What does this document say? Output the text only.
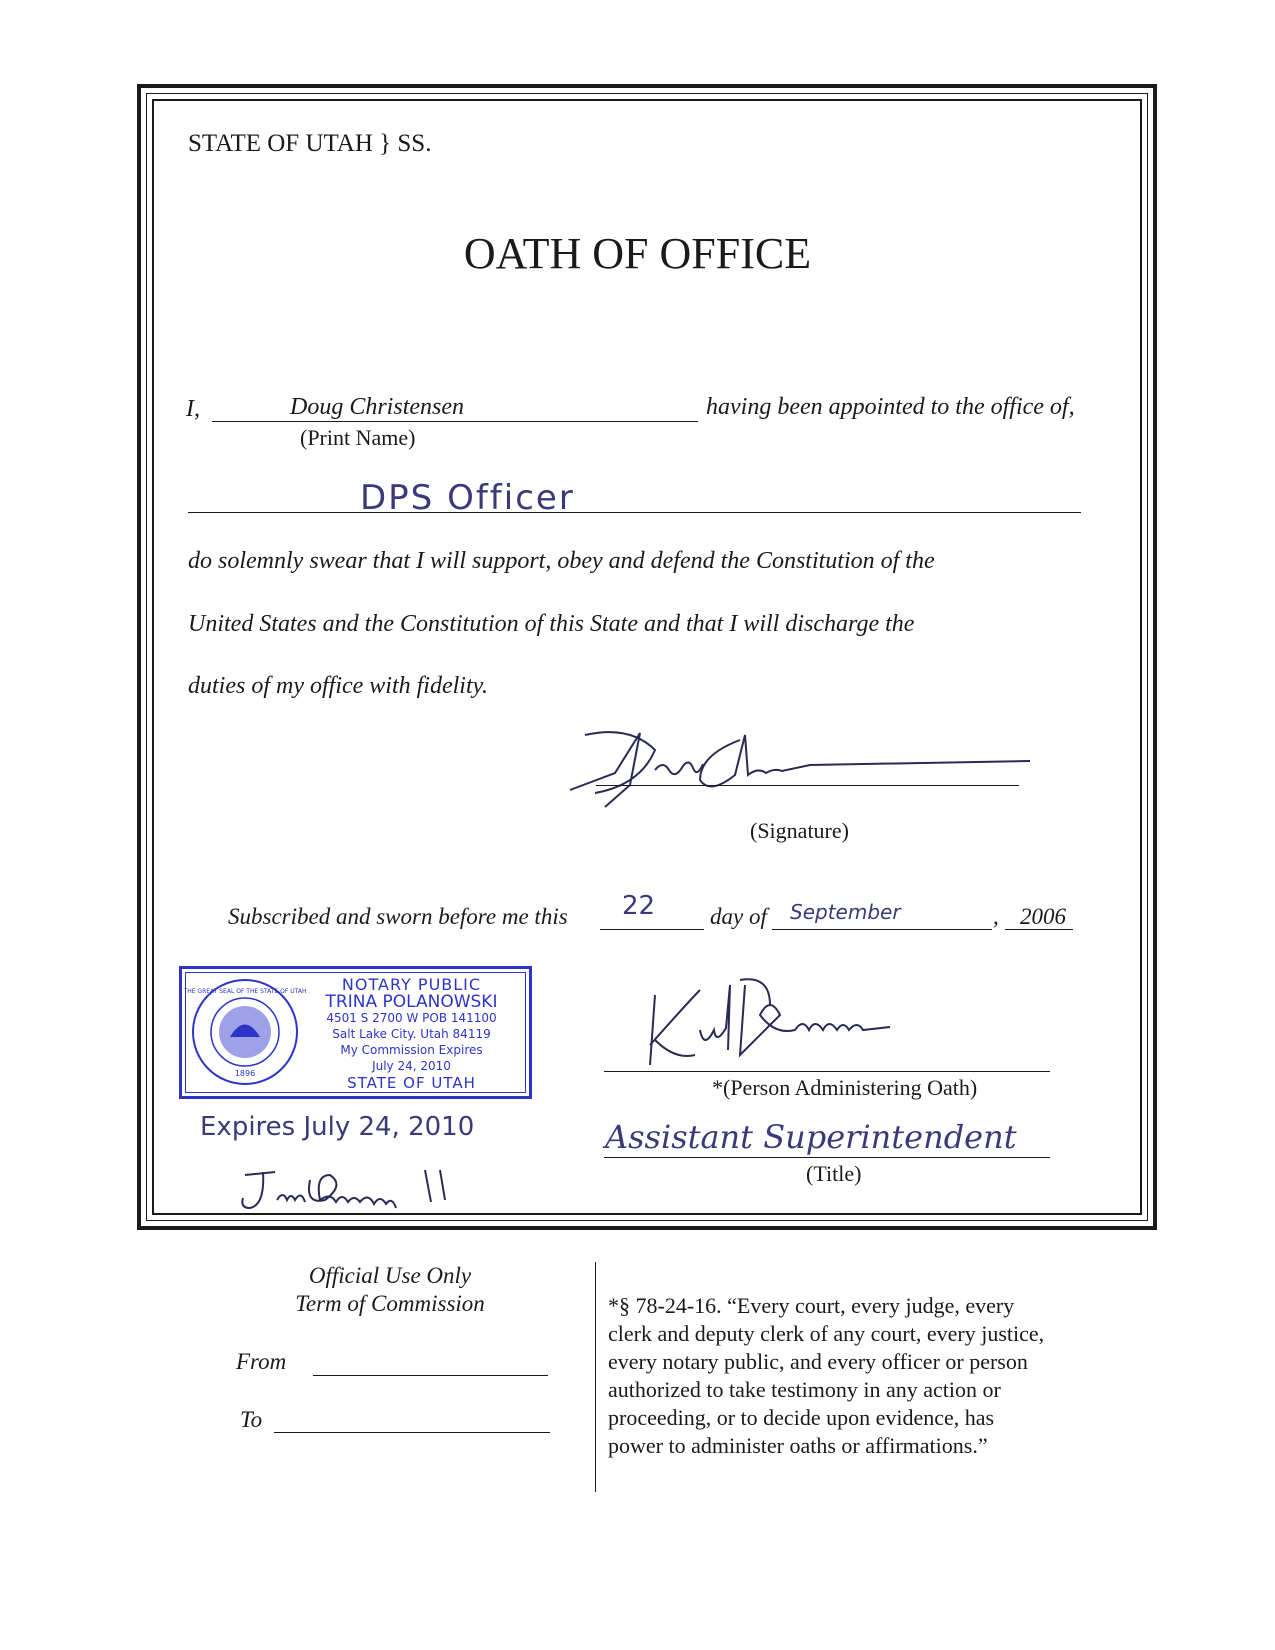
STATE OF UTAH } SS.
OATH OF OFFICE
I,	Doug Christensen	having been appointed to the office of,
(Print Name)
DPS Officer
do solemnly swear that I will support, obey and defend the Constitution of the
United States and the Constitution of this State and that I will discharge the
duties of my office with fidelity.
(Signature)
Subscribed and sworn before me this 22 day of September	, 2006
1896
THE GREAT SEAL OF THE STATE OF UTAH	NOTARY PUBLIC
TRINA POLANOWSKI
4501 S 2700 W POB 141100
Salt Lake City. Utah 84119
My Commission Expires
July 24, 2010
STATE OF UTAH
Expires July 24, 2010
*(Person Administering Oath)
Assistant Superintendent
(Title)
Official Use Only
Term of Commission
From
To
*§ 78-24-16. “Every court, every judge, every
clerk and deputy clerk of any court, every justice,
every notary public, and every officer or person
authorized to take testimony in any action or
proceeding, or to decide upon evidence, has
power to administer oaths or affirmations.”
